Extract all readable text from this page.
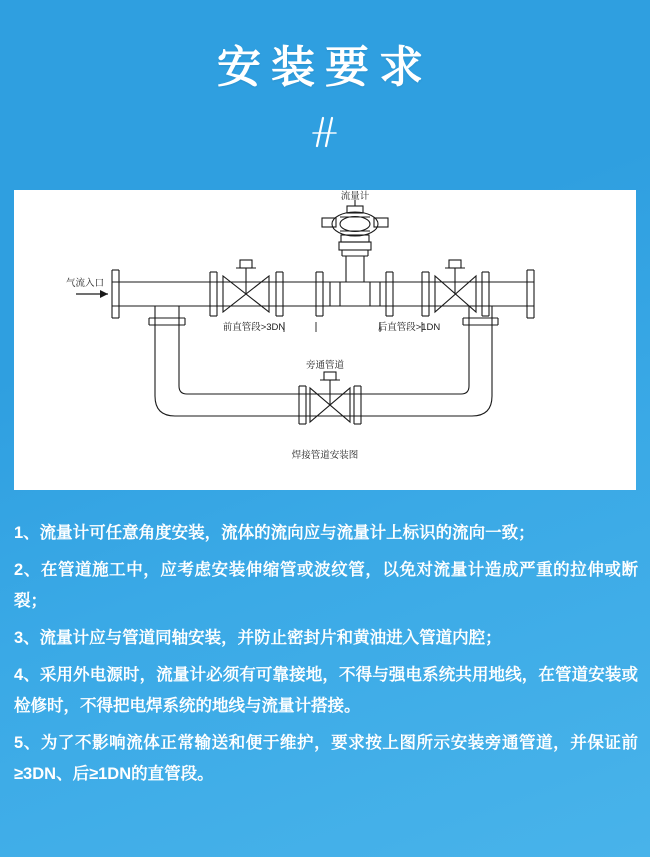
安装要求
流量计
气流入口
前直管段>3DN	后直管段>1DN
旁通管道
焊接管道安装图
1、流量计可任意角度安装，流体的流向应与流量计上标识的流向一致；
2、在管道施工中，应考虑安装伸缩管或波纹管，以免对流量计造成严重的拉伸或断裂；
3、流量计应与管道同轴安装，并防止密封片和黄油进入管道内腔；
4、采用外电源时，流量计必须有可靠接地，不得与强电系统共用地线，在管道安装或检修时，不得把电焊系统的地线与流量计搭接。
5、为了不影响流体正常输送和便于维护，要求按上图所示安装旁通管道，并保证前≥3DN、后≥1DN的直管段。
